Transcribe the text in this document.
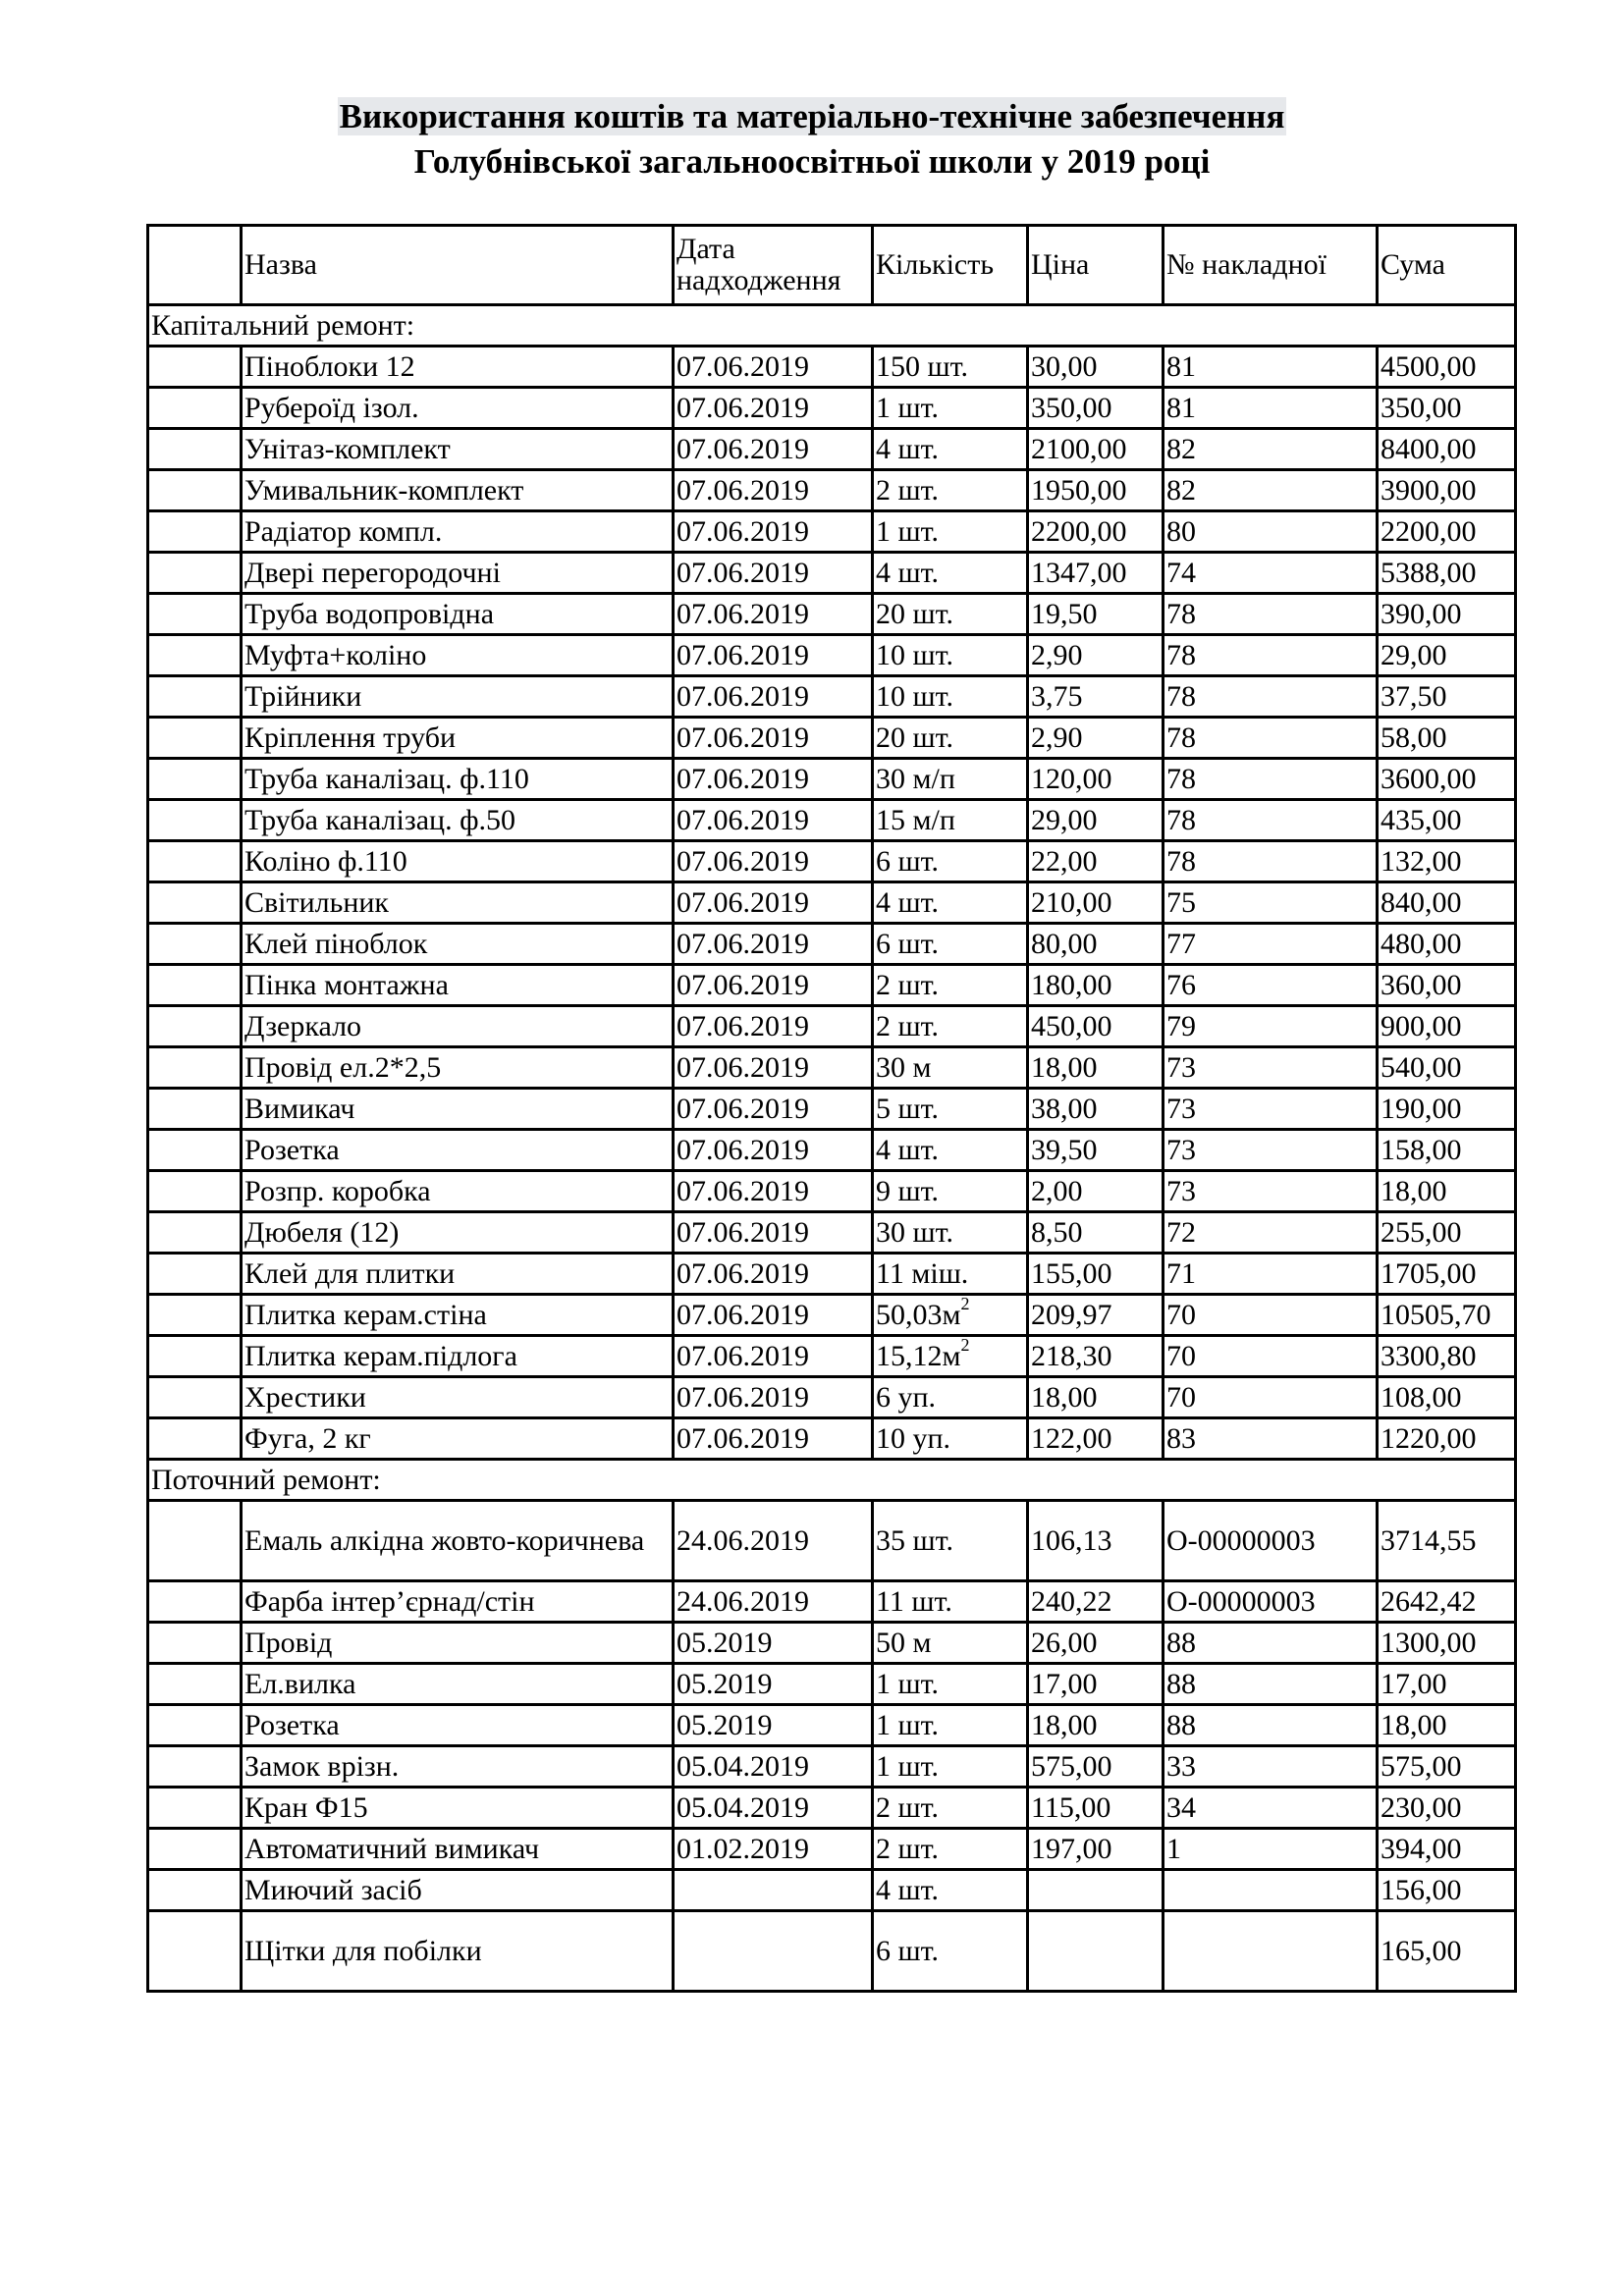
Використання коштів та матеріально-технічне забезпечення
Голубнівської загальноосвітньої школи у 2019 році
	Назва	Дата надходження	Кількість	Ціна	№ накладної	Сума
Капітальний ремонт:						
	Піноблоки 12	07.06.2019	150 шт.	30,00	81	4500,00
	Рубероїд ізол.	07.06.2019	1 шт.	350,00	81	350,00
	Унітаз-комплект	07.06.2019	4 шт.	2100,00	82	8400,00
	Умивальник-комплект	07.06.2019	2 шт.	1950,00	82	3900,00
	Радіатор компл.	07.06.2019	1 шт.	2200,00	80	2200,00
	Двері перегородочні	07.06.2019	4 шт.	1347,00	74	5388,00
	Труба водопровідна	07.06.2019	20 шт.	19,50	78	390,00
	Муфта+коліно	07.06.2019	10 шт.	2,90	78	29,00
	Трійники	07.06.2019	10 шт.	3,75	78	37,50
	Кріплення труби	07.06.2019	20 шт.	2,90	78	58,00
	Труба каналізац. ф.110	07.06.2019	30 м/п	120,00	78	3600,00
	Труба каналізац. ф.50	07.06.2019	15 м/п	29,00	78	435,00
	Коліно ф.110	07.06.2019	6 шт.	22,00	78	132,00
	Світильник	07.06.2019	4 шт.	210,00	75	840,00
	Клей піноблок	07.06.2019	6 шт.	80,00	77	480,00
	Пінка монтажна	07.06.2019	2 шт.	180,00	76	360,00
	Дзеркало	07.06.2019	2 шт.	450,00	79	900,00
	Провід ел.2*2,5	07.06.2019	30 м	18,00	73	540,00
	Вимикач	07.06.2019	5 шт.	38,00	73	190,00
	Розетка	07.06.2019	4 шт.	39,50	73	158,00
	Розпр. коробка	07.06.2019	9 шт.	2,00	73	18,00
	Дюбеля (12)	07.06.2019	30 шт.	8,50	72	255,00
	Клей для плитки	07.06.2019	11 міш.	155,00	71	1705,00
	Плитка керам.стіна	07.06.2019	$50,03м^2$	209,97	70	10505,70
	Плитка керам.підлога	07.06.2019	$15,12м^2$	218,30	70	3300,80
	Хрестики	07.06.2019	6 уп.	18,00	70	108,00
	Фуга, 2 кг	07.06.2019	10 уп.	122,00	83	1220,00
Поточний ремонт:						
	Емаль алкідна жовто-коричнева	24.06.2019	35 шт.	106,13	О-00000003	3714,55
	Фарба інтер’єрнад/стін	24.06.2019	11 шт.	240,22	О-00000003	2642,42
	Провід	05.2019	50 м	26,00	88	1300,00
	Ел.вилка	05.2019	1 шт.	17,00	88	17,00
	Розетка	05.2019	1 шт.	18,00	88	18,00
	Замок врізн.	05.04.2019	1 шт.	575,00	33	575,00
	Кран Ф15	05.04.2019	2 шт.	115,00	34	230,00
	Автоматичний вимикач	01.02.2019	2 шт.	197,00	1	394,00
	Миючий засіб		4 шт.			156,00
	Щітки для побілки		6 шт.			165,00
